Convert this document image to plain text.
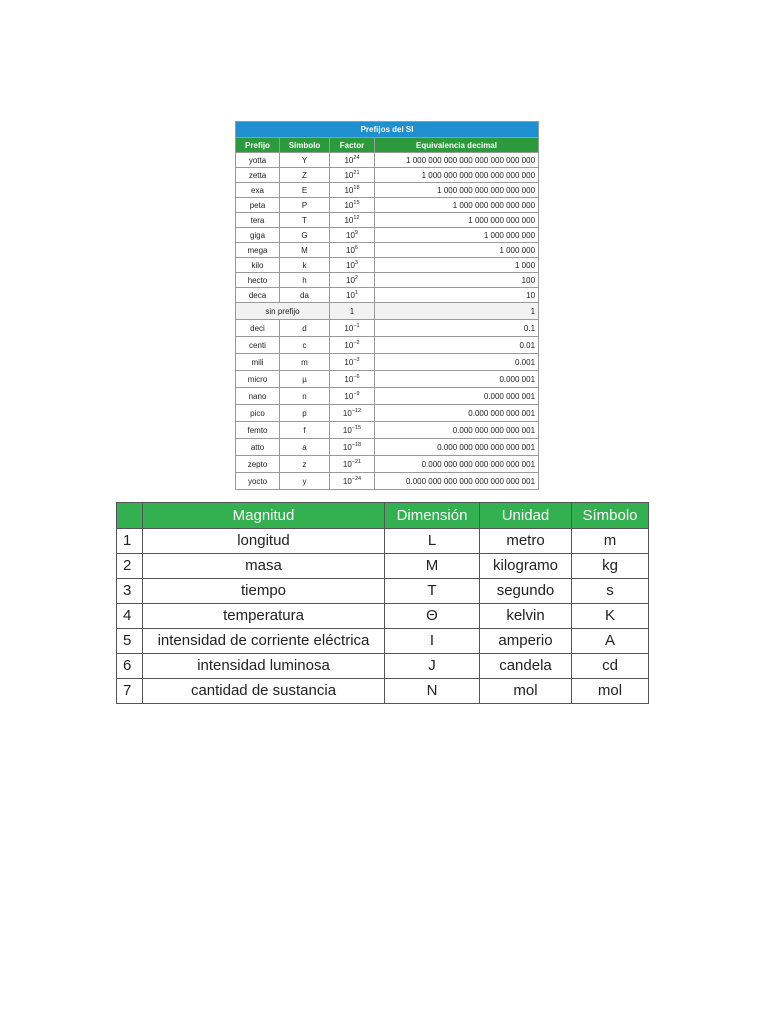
Prefijos del SI			
Prefijo	Símbolo	Factor	Equivalencia decimal
yotta	Y	$10^{24}$	1 000 000 000 000 000 000 000 000
zetta	Z	$10^{21}$	1 000 000 000 000 000 000 000
exa	E	$10^{18}$	1 000 000 000 000 000 000
peta	P	$10^{15}$	1 000 000 000 000 000
tera	T	$10^{12}$	1 000 000 000 000
giga	G	$10^9$	1 000 000 000
mega	M	$10^6$	1 000 000
kilo	k	$10^3$	1 000
hecto	h	$10^2$	100
deca	da	$10^1$	10
sin prefijo		1	1
deci	d	$10^{-1}$	0.1
centi	c	$10^{-2}$	0.01
mili	m	$10^{-3}$	0.001
micro	µ	$10^{-6}$	0.000 001
nano	n	$10^{-9}$	0.000 000 001
pico	p	$10^{-12}$	0.000 000 000 001
femto	f	$10^{-15}$	0.000 000 000 000 001
atto	a	$10^{-18}$	0.000 000 000 000 000 001
zepto	z	$10^{-21}$	0.000 000 000 000 000 000 001
yocto	y	$10^{-24}$	0.000 000 000 000 000 000 000 001
	Magnitud	Dimensión	Unidad	Símbolo
1	longitud	L	metro	m
2	masa	M	kilogramo	kg
3	tiempo	T	segundo	s
4	temperatura	Θ	kelvin	K
5	intensidad de corriente eléctrica	I	amperio	A
6	intensidad luminosa	J	candela	cd
7	cantidad de sustancia	N	mol	mol
